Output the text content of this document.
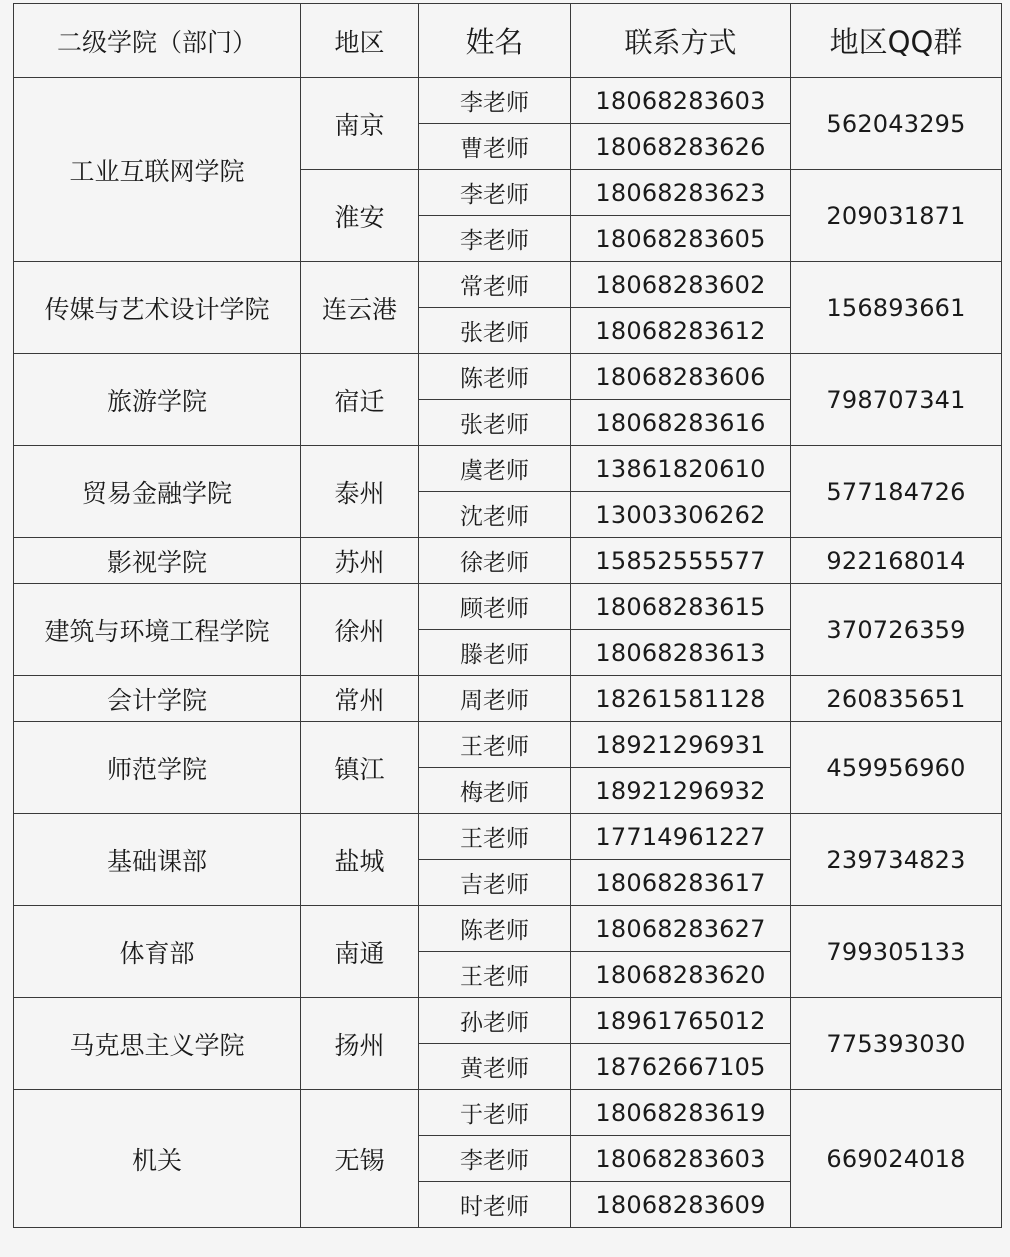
二级学院（部门）	地区	姓名	联系方式	地区QQ群
工业互联网学院	南京	李老师	18068283603	562043295
		曹老师	18068283626	
	淮安	李老师	18068283623	209031871
		李老师	18068283605	
传媒与艺术设计学院	连云港	常老师	18068283602	156893661
		张老师	18068283612	
旅游学院	宿迁	陈老师	18068283606	798707341
		张老师	18068283616	
贸易金融学院	泰州	虞老师	13861820610	577184726
		沈老师	13003306262	
影视学院	苏州	徐老师	15852555577	922168014
建筑与环境工程学院	徐州	顾老师	18068283615	370726359
		滕老师	18068283613	
会计学院	常州	周老师	18261581128	260835651
师范学院	镇江	王老师	18921296931	459956960
		梅老师	18921296932	
基础课部	盐城	王老师	17714961227	239734823
		吉老师	18068283617	
体育部	南通	陈老师	18068283627	799305133
		王老师	18068283620	
马克思主义学院	扬州	孙老师	18961765012	775393030
		黄老师	18762667105	
机关	无锡	于老师	18068283619	669024018
		李老师	18068283603	
		时老师	18068283609	
